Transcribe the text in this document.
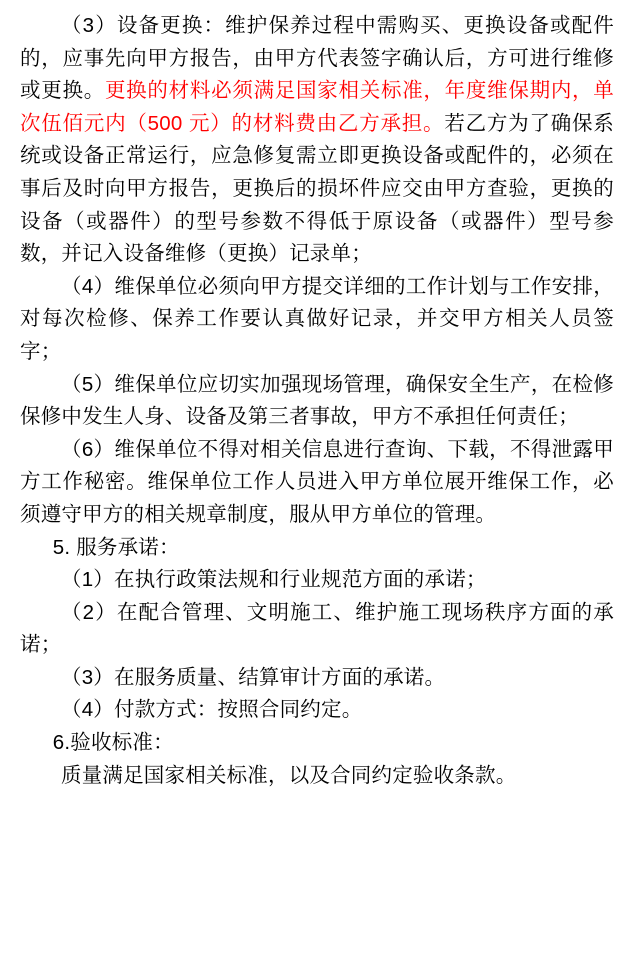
（3）设备更换：维护保养过程中需购买、更换设备或配件的，应事先向甲方报告，由甲方代表签字确认后，方可进行维修或更换。更换的材料必须满足国家相关标准，年度维保期内，单次伍佰元内（500 元）的材料费由乙方承担。若乙方为了确保系统或设备正常运行，应急修复需立即更换设备或配件的，必须在事后及时向甲方报告，更换后的损坏件应交由甲方查验，更换的设备（或器件）的型号参数不得低于原设备（或器件）型号参数，并记入设备维修（更换）记录单；

（4）维保单位必须向甲方提交详细的工作计划与工作安排，对每次检修、保养工作要认真做好记录，并交甲方相关人员签字；

（5）维保单位应切实加强现场管理，确保安全生产，在检修保修中发生人身、设备及第三者事故，甲方不承担任何责任；

（6）维保单位不得对相关信息进行查询、下载，不得泄露甲方工作秘密。维保单位工作人员进入甲方单位展开维保工作，必须遵守甲方的相关规章制度，服从甲方单位的管理。

5. 服务承诺：

（1）在执行政策法规和行业规范方面的承诺；

（2）在配合管理、文明施工、维护施工现场秩序方面的承诺；

（3）在服务质量、结算审计方面的承诺。

（4）付款方式：按照合同约定。

6.验收标准：

质量满足国家相关标准，以及合同约定验收条款。
